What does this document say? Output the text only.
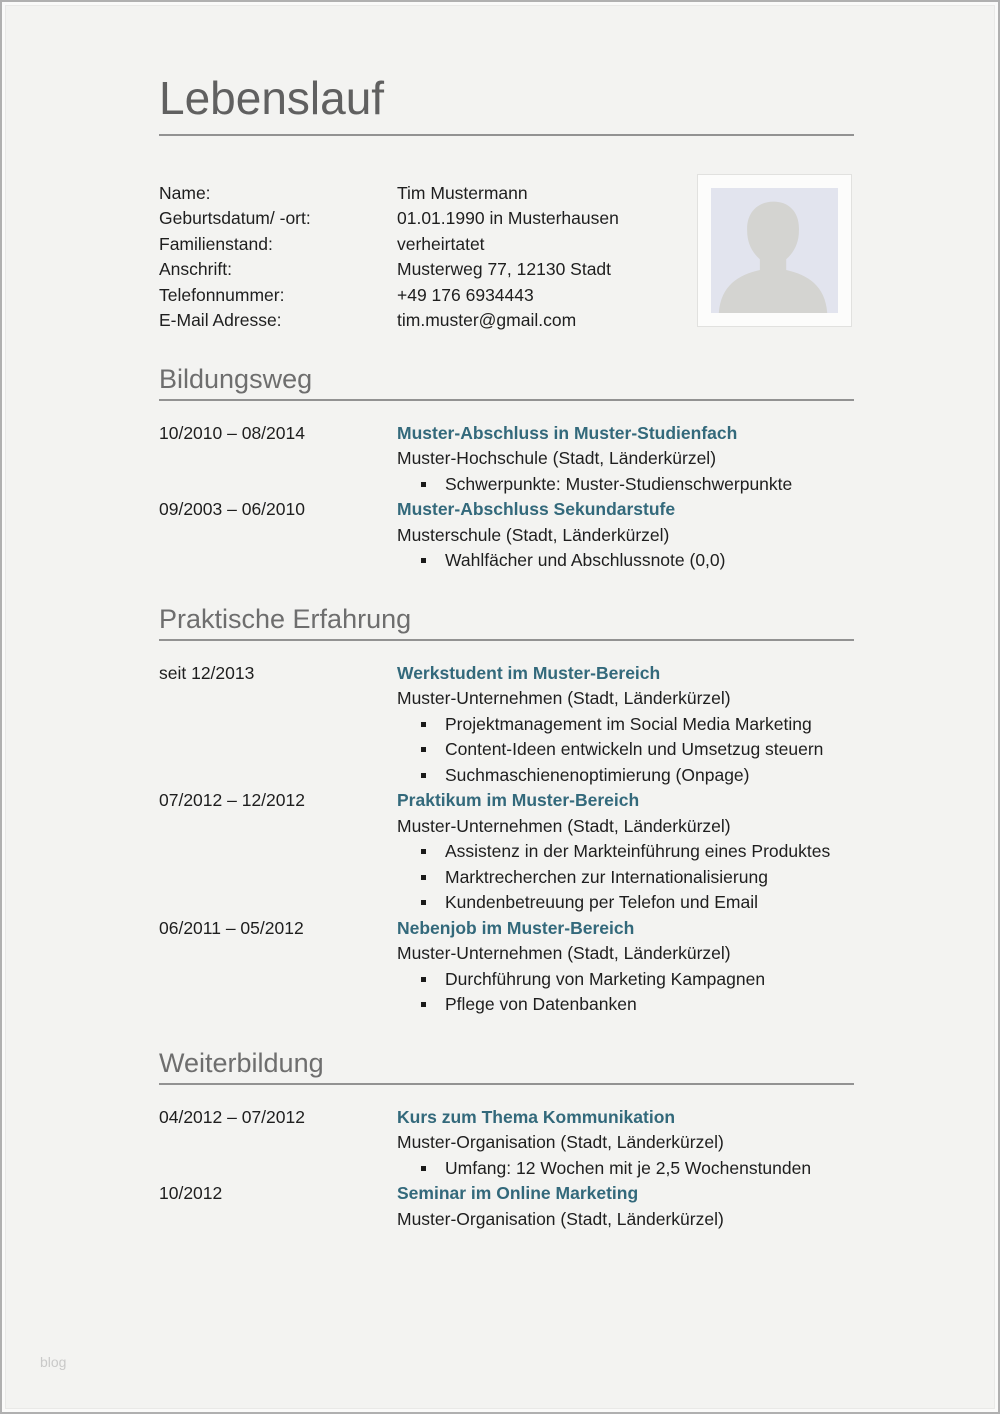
Lebenslauf
Name:	Tim Mustermann
Geburtsdatum/ -ort:	01.01.1990 in Musterhausen
Familienstand:	verheirtatet
Anschrift:	Musterweg 77, 12130 Stadt
Telefonnummer:	+49 176 6934443
E-Mail Adresse:	tim.muster@gmail.com
Bildungsweg
10/2010 – 08/2014	Muster-Abschluss in Muster-Studienfach
Muster-Hochschule (Stadt, Länderkürzel)
Schwerpunkte: Muster-Studienschwerpunkte
09/2003 – 06/2010	Muster-Abschluss Sekundarstufe
Musterschule (Stadt, Länderkürzel)
Wahlfächer und Abschlussnote (0,0)
Praktische Erfahrung
seit 12/2013	Werkstudent im Muster-Bereich
Muster-Unternehmen (Stadt, Länderkürzel)
Projektmanagement im Social Media Marketing
Content-Ideen entwickeln und Umsetzug steuern
Suchmaschienenoptimierung (Onpage)
07/2012 – 12/2012	Praktikum im Muster-Bereich
Muster-Unternehmen (Stadt, Länderkürzel)
Assistenz in der Markteinführung eines Produktes
Marktrecherchen zur Internationalisierung
Kundenbetreuung per Telefon und Email
06/2011 – 05/2012	Nebenjob im Muster-Bereich
Muster-Unternehmen (Stadt, Länderkürzel)
Durchführung von Marketing Kampagnen
Pflege von Datenbanken
Weiterbildung
04/2012 – 07/2012	Kurs zum Thema Kommunikation
Muster-Organisation (Stadt, Länderkürzel)
Umfang: 12 Wochen mit je 2,5 Wochenstunden
10/2012	Seminar im Online Marketing
Muster-Organisation (Stadt, Länderkürzel)
blog
